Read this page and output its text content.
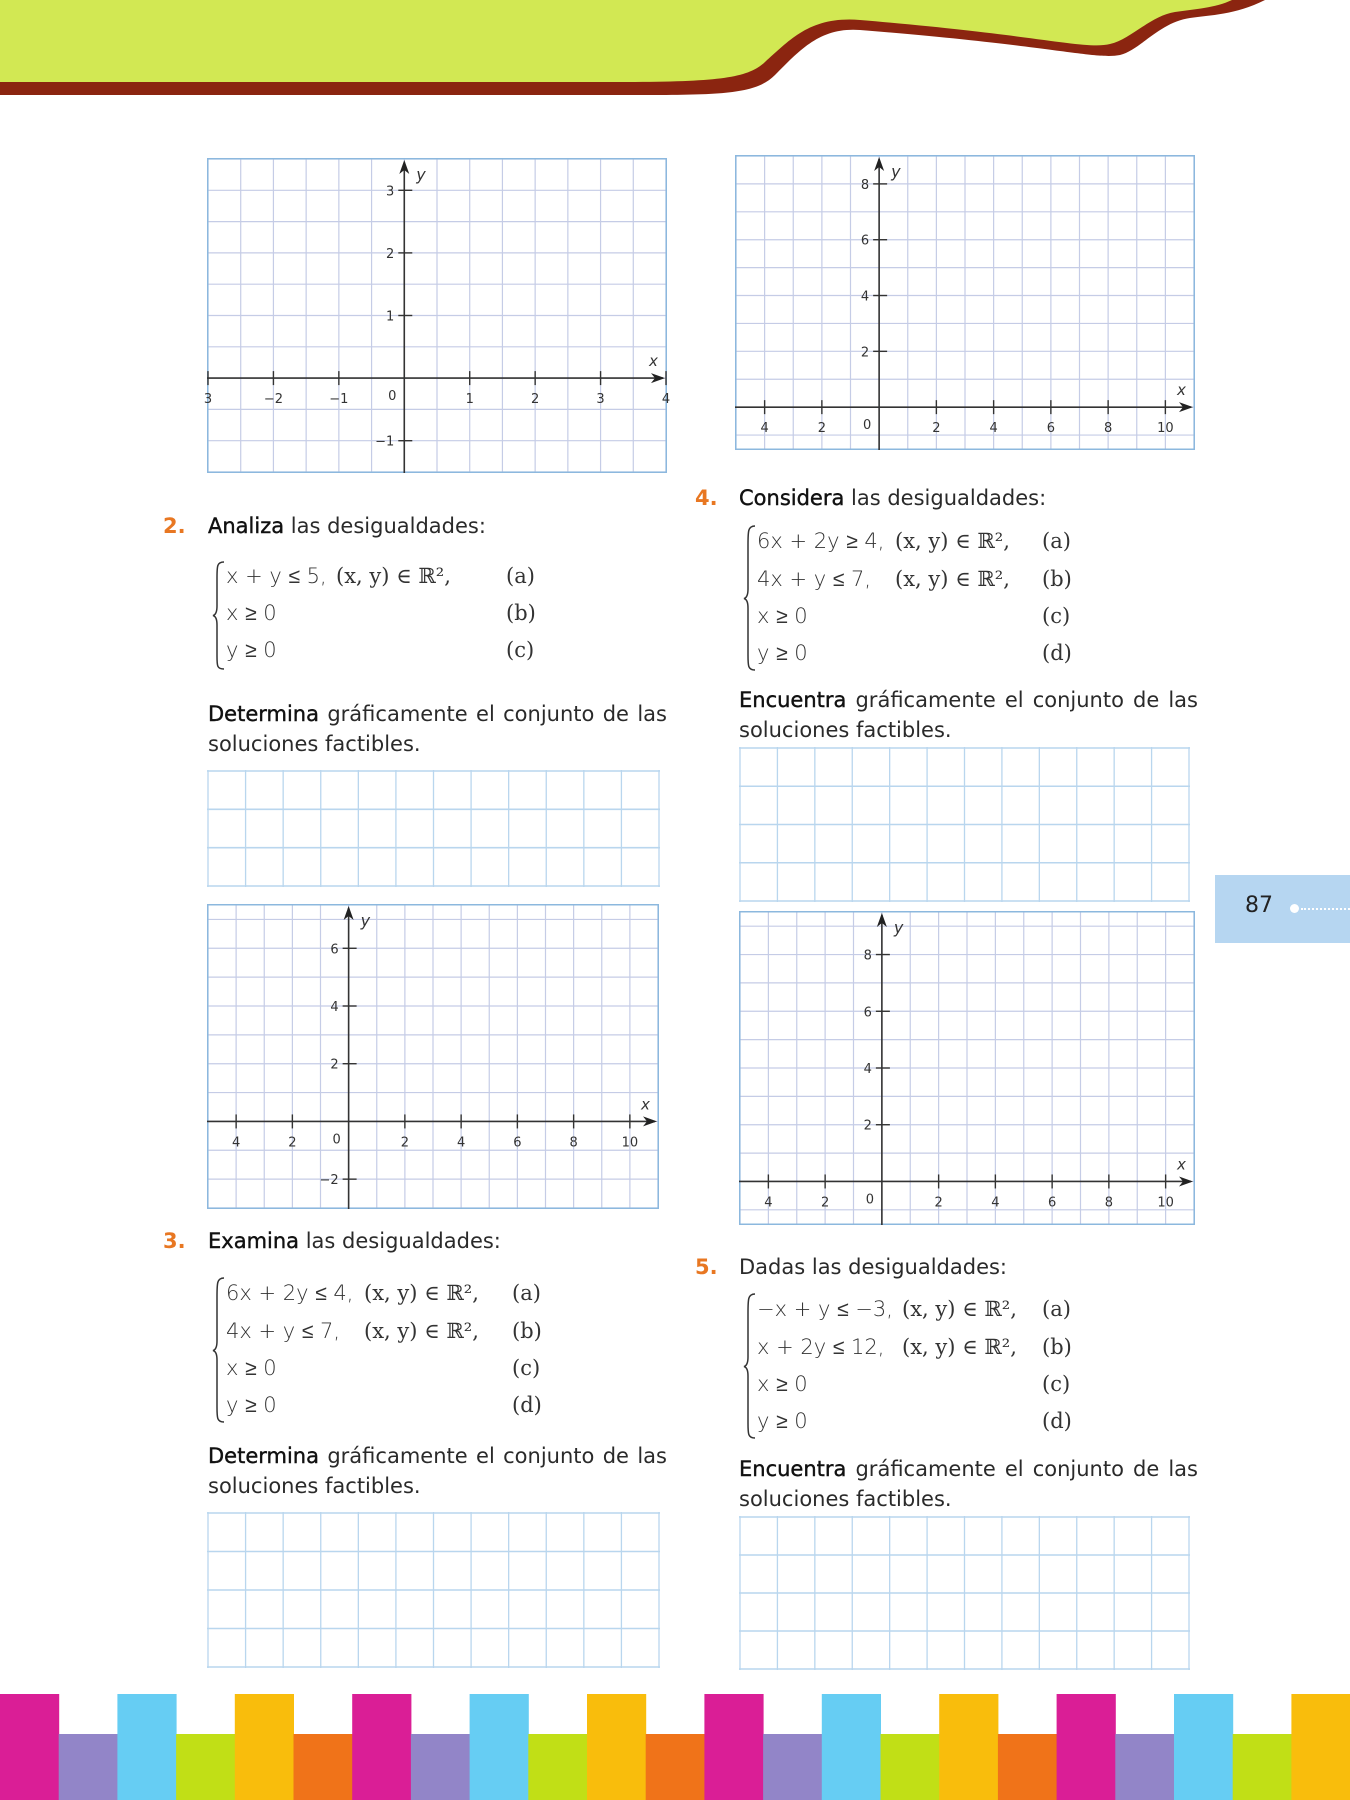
x
y
0
3	−2	−1	1	2	3	4
1
2
3
−1
x
y
0
4	2	2	4	6	8	10
2
4
6
8
x
y
0
4	2	2	4	6	8	10
2
4
6
−2
x
y
0
4	2	2	4	6	8	10
2
4
6
8
2. Analiza las desigualdades:
x + y ≤ 5, (x, y) ∈ ℝ²,	(a)
x ≥ 0	(b)
y ≥ 0	(c)
Determina gráficamente el conjunto de las soluciones factibles.
3. Examina las desigualdades:
6x + 2y ≤ 4, (x, y) ∈ ℝ², (a)
4x + y ≤ 7, (x, y) ∈ ℝ², (b)
x ≥ 0	(c)
y ≥ 0	(d)
Determina gráficamente el conjunto de las soluciones factibles.
4. Considera las desigualdades:
6x + 2y ≥ 4, (x, y) ∈ ℝ², (a)
4x + y ≤ 7, (x, y) ∈ ℝ², (b)
x ≥ 0	(c)
y ≥ 0	(d)
Encuentra gráficamente el conjunto de las soluciones factibles.
5. Dadas las desigualdades:
−x + y ≤ −3, (x, y) ∈ ℝ², (a)
x + 2y ≤ 12, (x, y) ∈ ℝ², (b)
x ≥ 0	(c)
y ≥ 0	(d)
Encuentra gráficamente el conjunto de las soluciones factibles.
87
